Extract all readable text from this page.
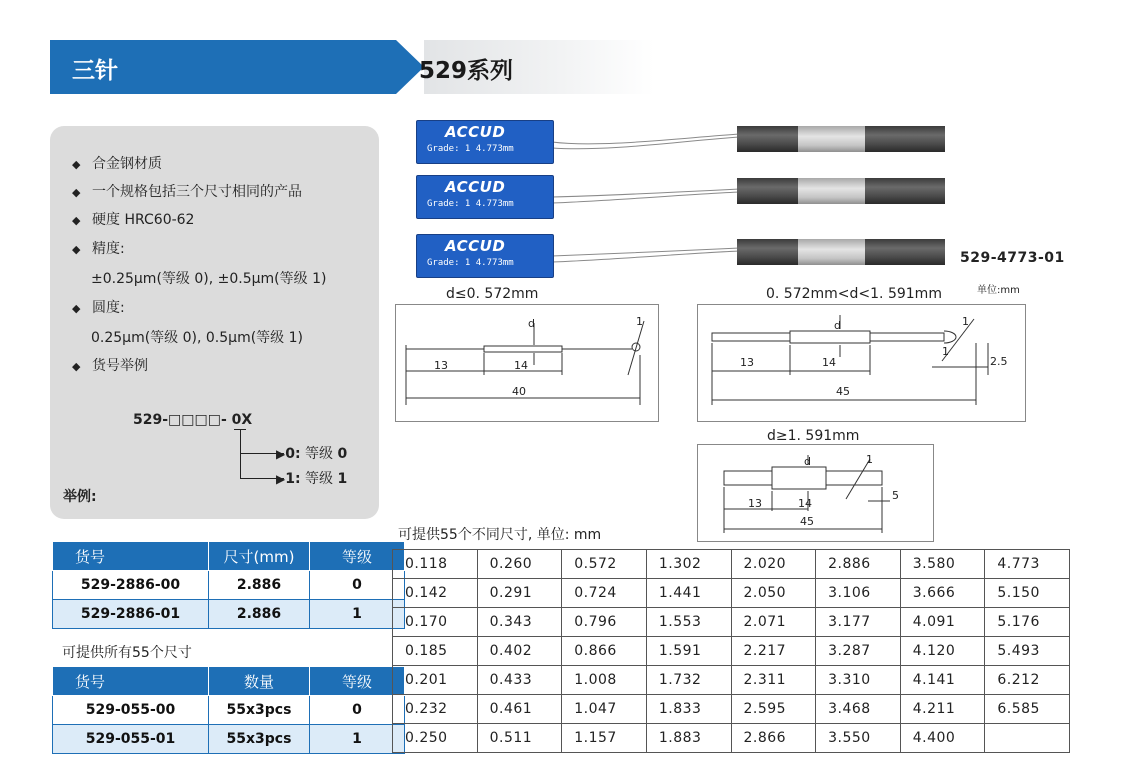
三针	529系列
◆ 合金钢材质
◆ 一个规格包括三个尺寸相同的产品
◆ 硬度 HRC60-62
◆ 精度:
±0.25μm(等级 0), ±0.5μm(等级 1)
◆ 圆度:
0.25μm(等级 0), 0.5μm(等级 1)
◆ 货号举例
529-□□□□- 0X
▶0: 等级 0
▶1: 等级 1
举例:
货号	尺寸(mm)	等级
529-2886-00	2.886	0
529-2886-01	2.886	1
可提供所有55个尺寸
货号	数量	等级
529-055-00	55x3pcs	0
529-055-01	55x3pcs	1
ACCUD
Grade: 1 4.773mm
ACCUD
Grade: 1 4.773mm
ACCUD
Grade: 1 4.773mm	529-4773-01
单位:mm
d≤0. 572mm
d	1
13	14
40
0. 572mm<d<1. 591mm
d	1
1
13	14
45
2.5
d≥1. 591mm
d	1
13	14
45
5
可提供55个不同尺寸, 单位: mm
0.118	0.260	0.572	1.302	2.020	2.886	3.580	4.773
0.142	0.291	0.724	1.441	2.050	3.106	3.666	5.150
0.170	0.343	0.796	1.553	2.071	3.177	4.091	5.176
0.185	0.402	0.866	1.591	2.217	3.287	4.120	5.493
0.201	0.433	1.008	1.732	2.311	3.310	4.141	6.212
0.232	0.461	1.047	1.833	2.595	3.468	4.211	6.585
0.250	0.511	1.157	1.883	2.866	3.550	4.400	
